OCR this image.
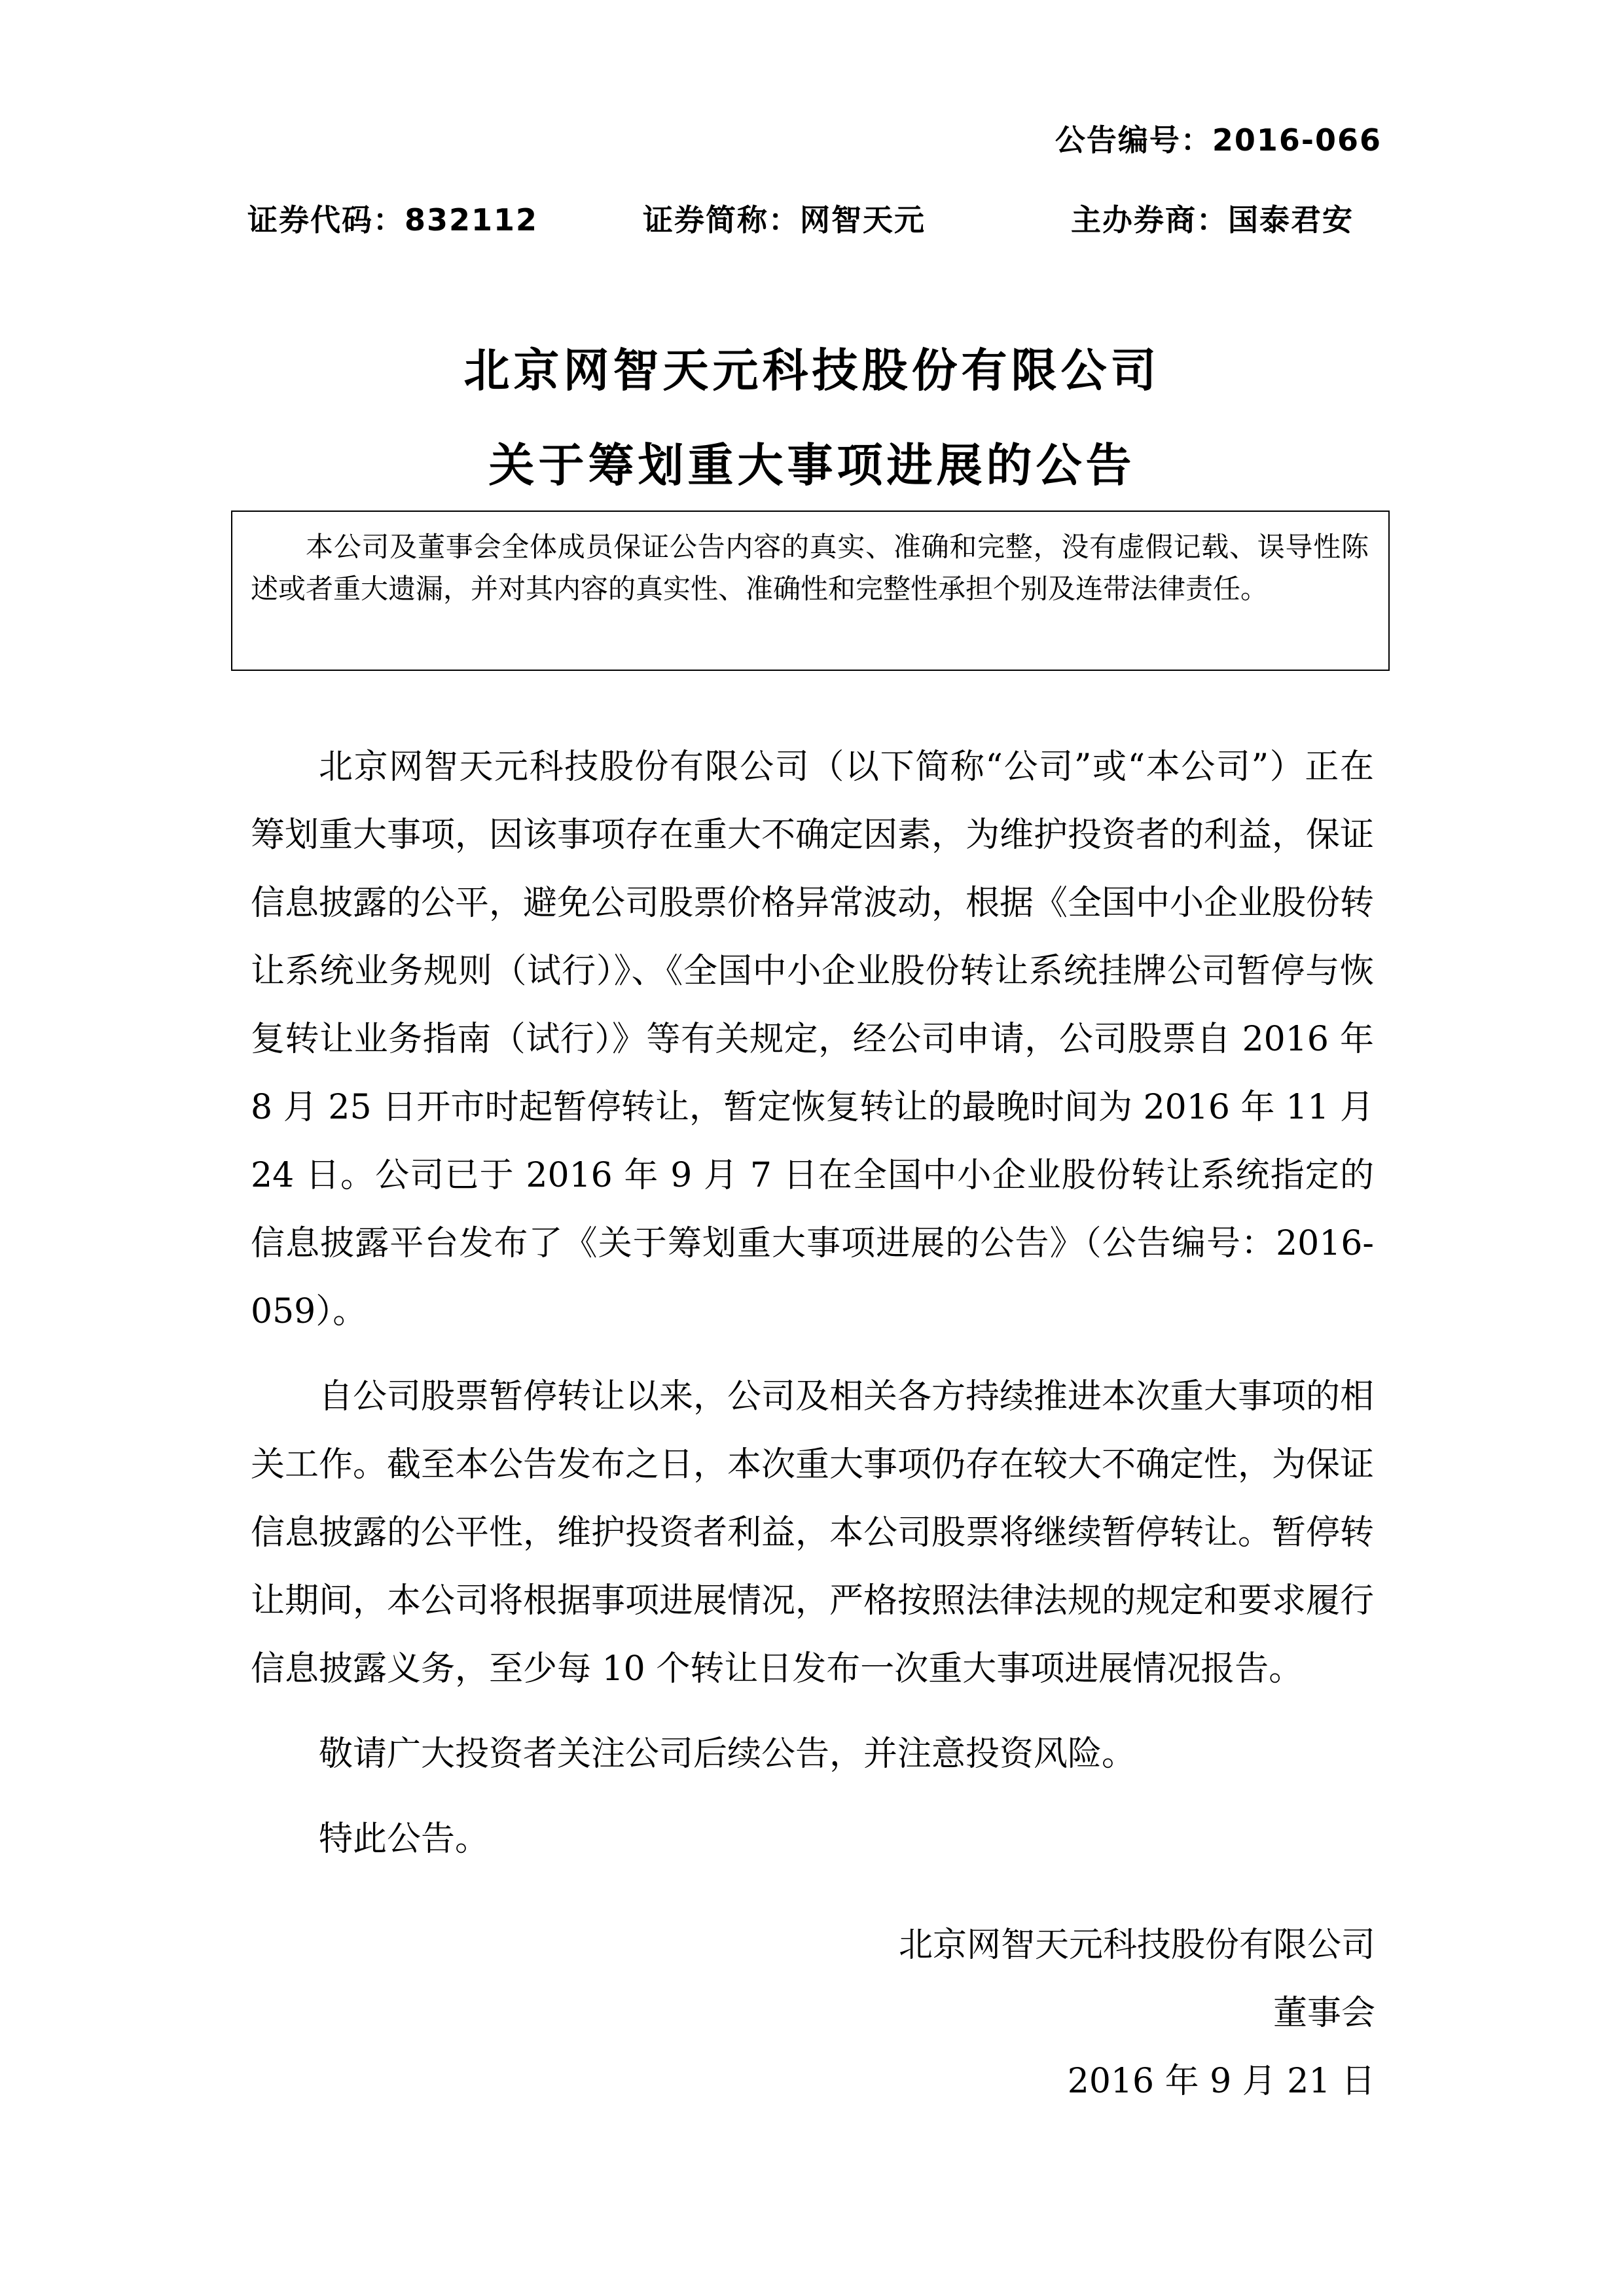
公告编号：2016-066
证券代码：832112	证券简称：网智天元	主办券商：国泰君安
北京网智天元科技股份有限公司
关于筹划重大事项进展的公告
本公司及董事会全体成员保证公告内容的真实、准确和完整，没有虚假记载、误导性陈述或者重大遗漏，并对其内容的真实性、准确性和完整性承担个别及连带法律责任。

北京网智天元科技股份有限公司（以下简称“公司”或“本公司”）正在筹划重大事项，因该事项存在重大不确定因素，为维护投资者的利益，保证信息披露的公平，避免公司股票价格异常波动，根据《全国中小企业股份转让系统业务规则（试行）》、《全国中小企业股份转让系统挂牌公司暂停与恢复转让业务指南（试行）》等有关规定，经公司申请，公司股票自 2016 年 8 月 25 日开市时起暂停转让，暂定恢复转让的最晚时间为 2016 年 11 月 24 日。公司已于 2016 年 9 月 7 日在全国中小企业股份转让系统指定的信息披露平台发布了《关于筹划重大事项进展的公告》（公告编号：2016-059）。

自公司股票暂停转让以来，公司及相关各方持续推进本次重大事项的相关工作。截至本公告发布之日，本次重大事项仍存在较大不确定性，为保证信息披露的公平性，维护投资者利益，本公司股票将继续暂停转让。暂停转让期间，本公司将根据事项进展情况，严格按照法律法规的规定和要求履行信息披露义务，至少每 10 个转让日发布一次重大事项进展情况报告。

敬请广大投资者关注公司后续公告，并注意投资风险。

特此公告。

北京网智天元科技股份有限公司
董事会
2016 年 9 月 21 日
